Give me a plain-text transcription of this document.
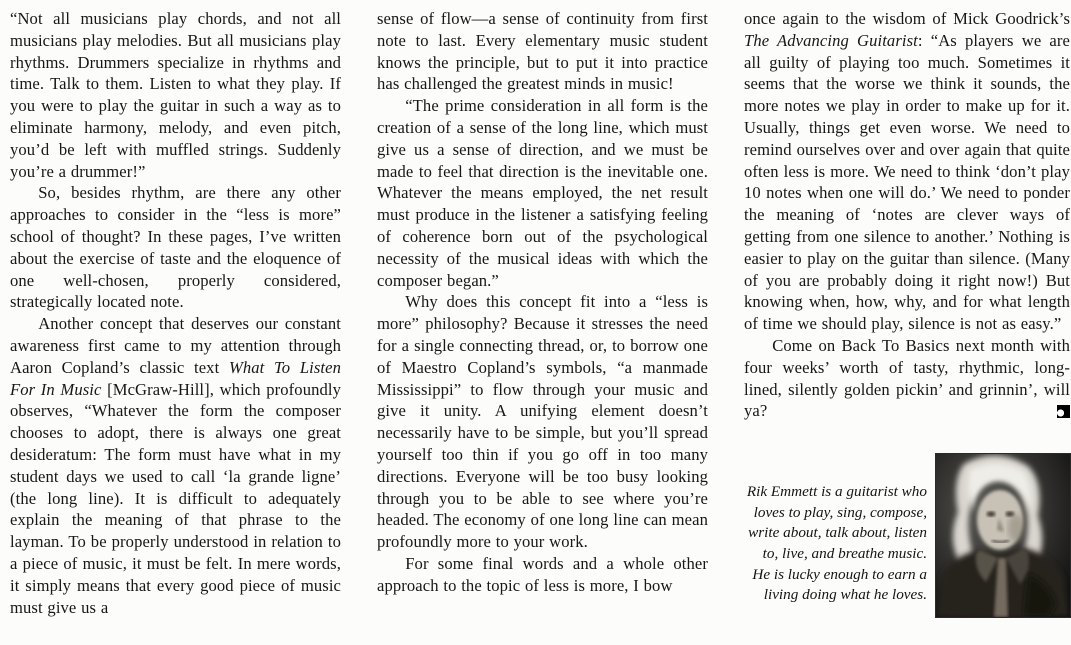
“Not all musicians play chords, and not all musicians play melodies. But all musicians play rhythms. Drummers specialize in rhythms and time. Talk to them. Listen to what they play. If you were to play the guitar in such a way as to eliminate harmony, melody, and even pitch, you’d be left with muffled strings. Suddenly you’re a drummer!”

So, besides rhythm, are there any other approaches to consider in the “less is more” school of thought? In these pages, I’ve written about the exercise of taste and the eloquence of one well-chosen, properly considered, strategically located note.

Another concept that deserves our constant awareness first came to my attention through Aaron Copland’s classic text What To Listen For In Music [McGraw-Hill], which profoundly observes, “Whatever the form the composer chooses to adopt, there is always one great desideratum: The form must have what in my student days we used to call ‘la grande ligne’ (the long line). It is difficult to adequately explain the meaning of that phrase to the layman. To be properly understood in relation to a piece of music, it must be felt. In mere words, it simply means that every good piece of music must give us a

sense of flow—a sense of continuity from first note to last. Every elementary music student knows the principle, but to put it into practice has challenged the greatest minds in music!

“The prime consideration in all form is the creation of a sense of the long line, which must give us a sense of direction, and we must be made to feel that direction is the inevitable one. Whatever the means employed, the net result must produce in the listener a satisfying feeling of coherence born out of the psychological necessity of the musical ideas with which the composer began.”

Why does this concept fit into a “less is more” philosophy? Because it stresses the need for a single connecting thread, or, to borrow one of Maestro Copland’s symbols, “a manmade Mississippi” to flow through your music and give it unity. A unifying element doesn’t necessarily have to be simple, but you’ll spread yourself too thin if you go off in too many directions. Everyone will be too busy looking through you to be able to see where you’re headed. The economy of one long line can mean profoundly more to your work.

For some final words and a whole other approach to the topic of less is more, I bow

once again to the wisdom of Mick Goodrick’s The Advancing Guitarist: “As players we are all guilty of playing too much. Sometimes it seems that the worse we think it sounds, the more notes we play in order to make up for it. Usually, things get even worse. We need to remind ourselves over and over again that quite often less is more. We need to think ‘don’t play 10 notes when one will do.’ We need to ponder the meaning of ‘notes are clever ways of getting from one silence to another.’ Nothing is easier to play on the guitar than silence. (Many of you are probably doing it right now!) But knowing when, how, why, and for what length of time we should play, silence is not as easy.”

Come on Back To Basics next month with four weeks’ worth of tasty, rhythmic, long-lined, silently golden pickin’ and grinnin’, will ya?

Rik Emmett is a guitarist who loves to play, sing, compose, write about, talk about, listen to, live, and breathe music. He is lucky enough to earn a living doing what he loves.
